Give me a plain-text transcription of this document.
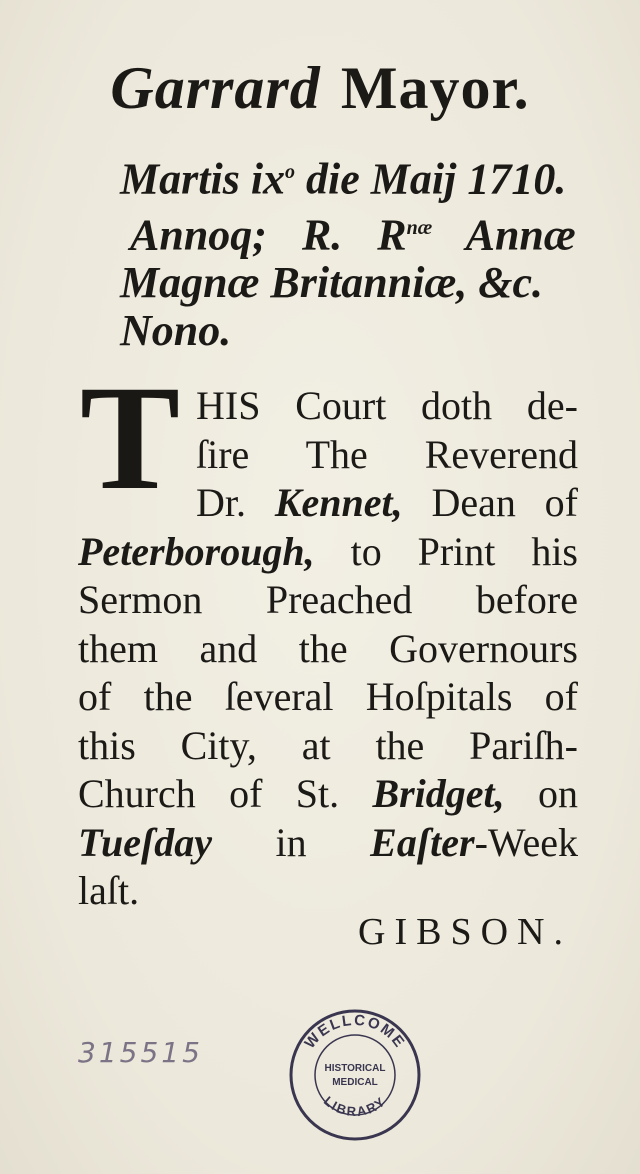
Garrard Mayor.
Martis $ix^o$ die Maij 1710.
Annoq; R. $R^{næ}$ Annæ
Magnæ Britanniæ, &c.
Nono.
T HIS Court doth de-
ſire The Reverend
Dr. Kennet, Dean of
Peterborough, to Print his
Sermon Preached before
them and the Governours
of the ſeveral Hoſpitals of
this City, at the Pariſh-
Church of St. Bridget, on
Tueſday in Eaſter-Week
laſt.
GIBSON.
315515	WELLCOME
HISTORICAL
MEDICAL
LIBRARY
